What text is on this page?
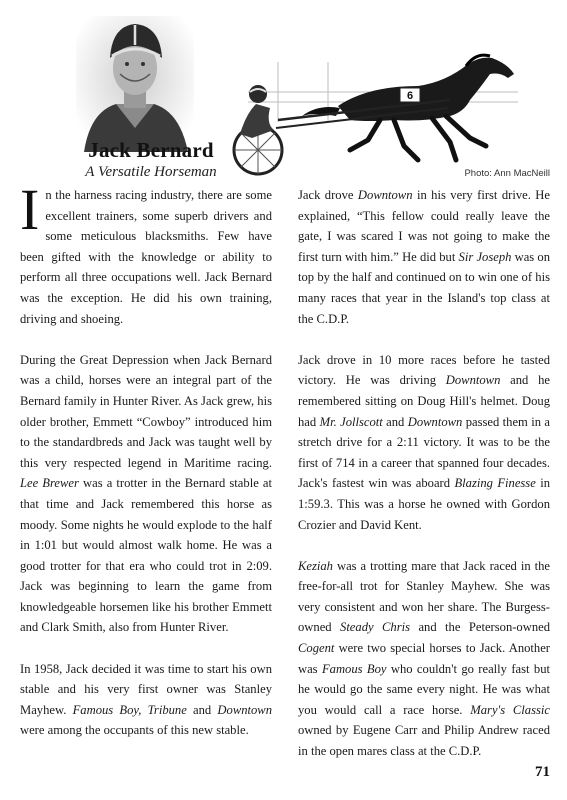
6
Jack Bernard
A Versatile Horseman	Photo: Ann MacNeill

In the harness racing industry, there are some excellent trainers, some superb drivers and some meticulous blacksmiths. Few have been gifted with the knowledge or ability to perform all three occupations well. Jack Bernard was the exception. He did his own training, driving and shoeing.

During the Great Depression when Jack Bernard was a child, horses were an integral part of the Bernard family in Hunter River. As Jack grew, his older brother, Emmett “Cowboy” introduced him to the standardbreds and Jack was taught well by this very respected legend in Maritime racing. Lee Brewer was a trotter in the Bernard stable at that time and Jack remembered this horse as moody. Some nights he would explode to the half in 1:01 but would almost walk home. He was a good trotter for that era who could trot in 2:09. Jack was beginning to learn the game from knowledgeable horsemen like his brother Emmett and Clark Smith, also from Hunter River.

In 1958, Jack decided it was time to start his own stable and his very first owner was Stanley Mayhew. Famous Boy, Tribune and Downtown were among the occupants of this new stable.

Jack drove Downtown in his very first drive. He explained, “This fellow could really leave the gate, I was scared I was not going to make the first turn with him.” He did but Sir Joseph was on top by the half and continued on to win one of his many races that year in the Island's top class at the C.D.P.

Jack drove in 10 more races before he tasted victory. He was driving Downtown and he remembered sitting on Doug Hill's helmet. Doug had Mr. Jollscott and Downtown passed them in a stretch drive for a 2:11 victory. It was to be the first of 714 in a career that spanned four decades. Jack's fastest win was aboard Blazing Finesse in 1:59.3. This was a horse he owned with Gordon Crozier and David Kent.

Keziah was a trotting mare that Jack raced in the free-for-all trot for Stanley Mayhew. She was very consistent and won her share. The Burgess-owned Steady Chris and the Peterson-owned Cogent were two special horses to Jack. Another was Famous Boy who couldn't go really fast but he would go the same every night. He was what you would call a race horse. Mary's Classic owned by Eugene Carr and Philip Andrew raced in the open mares class at the C.D.P.

71
